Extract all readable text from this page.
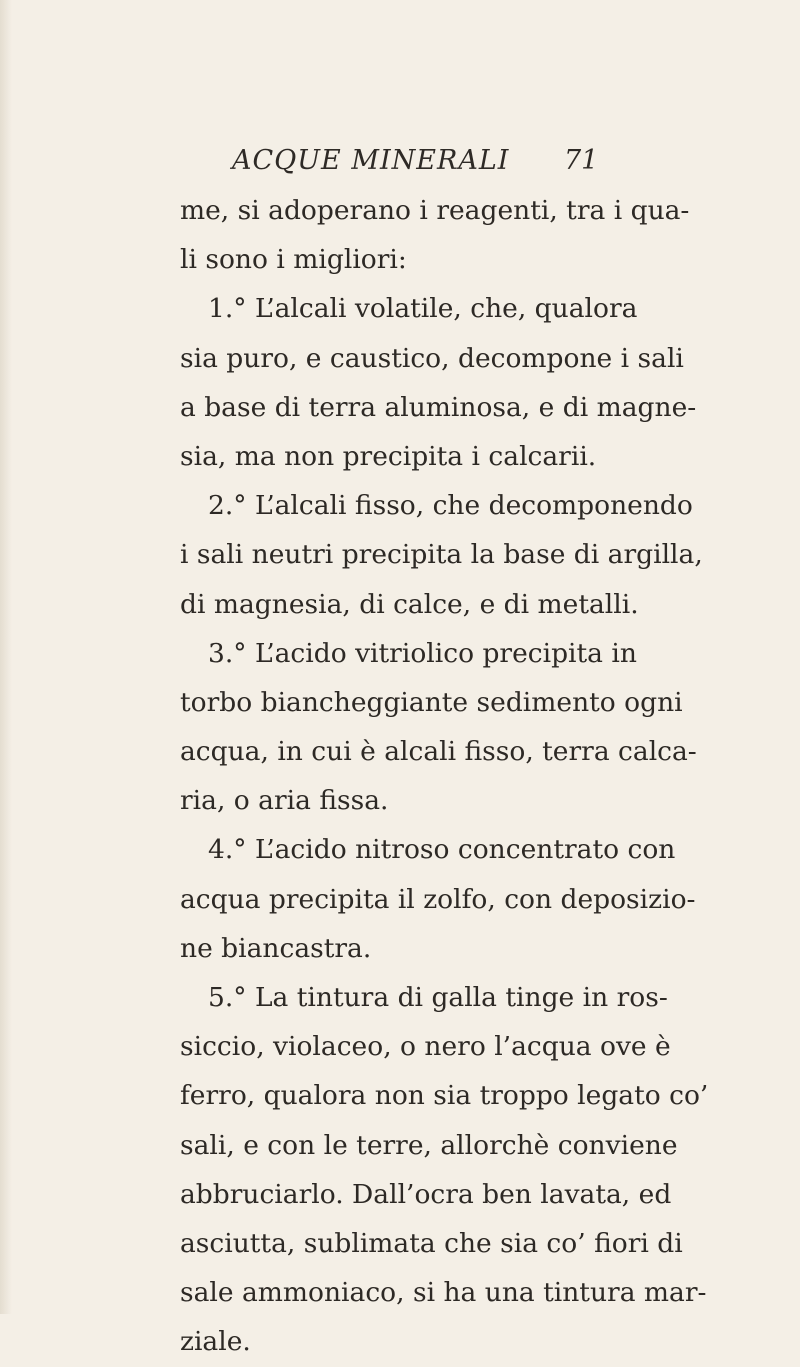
ACQUE MINERALI 71
me, si adoperano i reagenti, tra i qua-
li sono i migliori:
1.° L’alcali volatile, che, qualora
sia puro, e caustico, decompone i sali
a base di terra aluminosa, e di magne-
sia, ma non precipita i calcarii.
2.° L’alcali fisso, che decomponendo
i sali neutri precipita la base di argilla,
di magnesia, di calce, e di metalli.
3.° L’acido vitriolico precipita in
torbo biancheggiante sedimento ogni
acqua, in cui è alcali fisso, terra calca-
ria, o aria fissa.
4.° L’acido nitroso concentrato con
acqua precipita il zolfo, con deposizio-
ne biancastra.
5.° La tintura di galla tinge in ros-
siccio, violaceo, o nero l’acqua ove è
ferro, qualora non sia troppo legato co’
sali, e con le terre, allorchè conviene
abbruciarlo. Dall’ocra ben lavata, ed
asciutta, sublimata che sia co’ fiori di
sale ammoniaco, si ha una tintura mar-
ziale.
